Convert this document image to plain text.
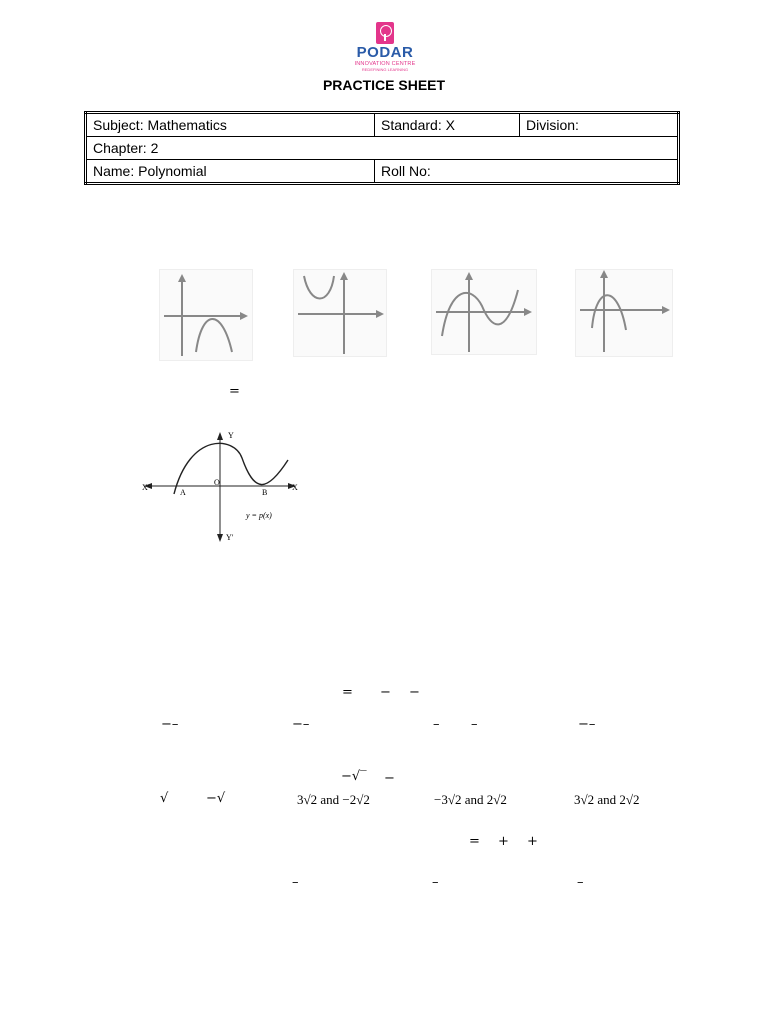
PODAR
INNOVATION CENTRE
REDEFINING LEARNING
PRACTICE SHEET
Subject: Mathematics	Standard: X	Division:
Chapter: 2		
Name: Polynomial	Roll No:	
=
Y
Y′
X
X′
A
O
B
y = p(x)
= − −
−–	−–	– –	−–
−√‾ −
√	−√	3√2 and −2√2	−3√2 and 2√2	3√2 and 2√2
= + +
–	–	–
